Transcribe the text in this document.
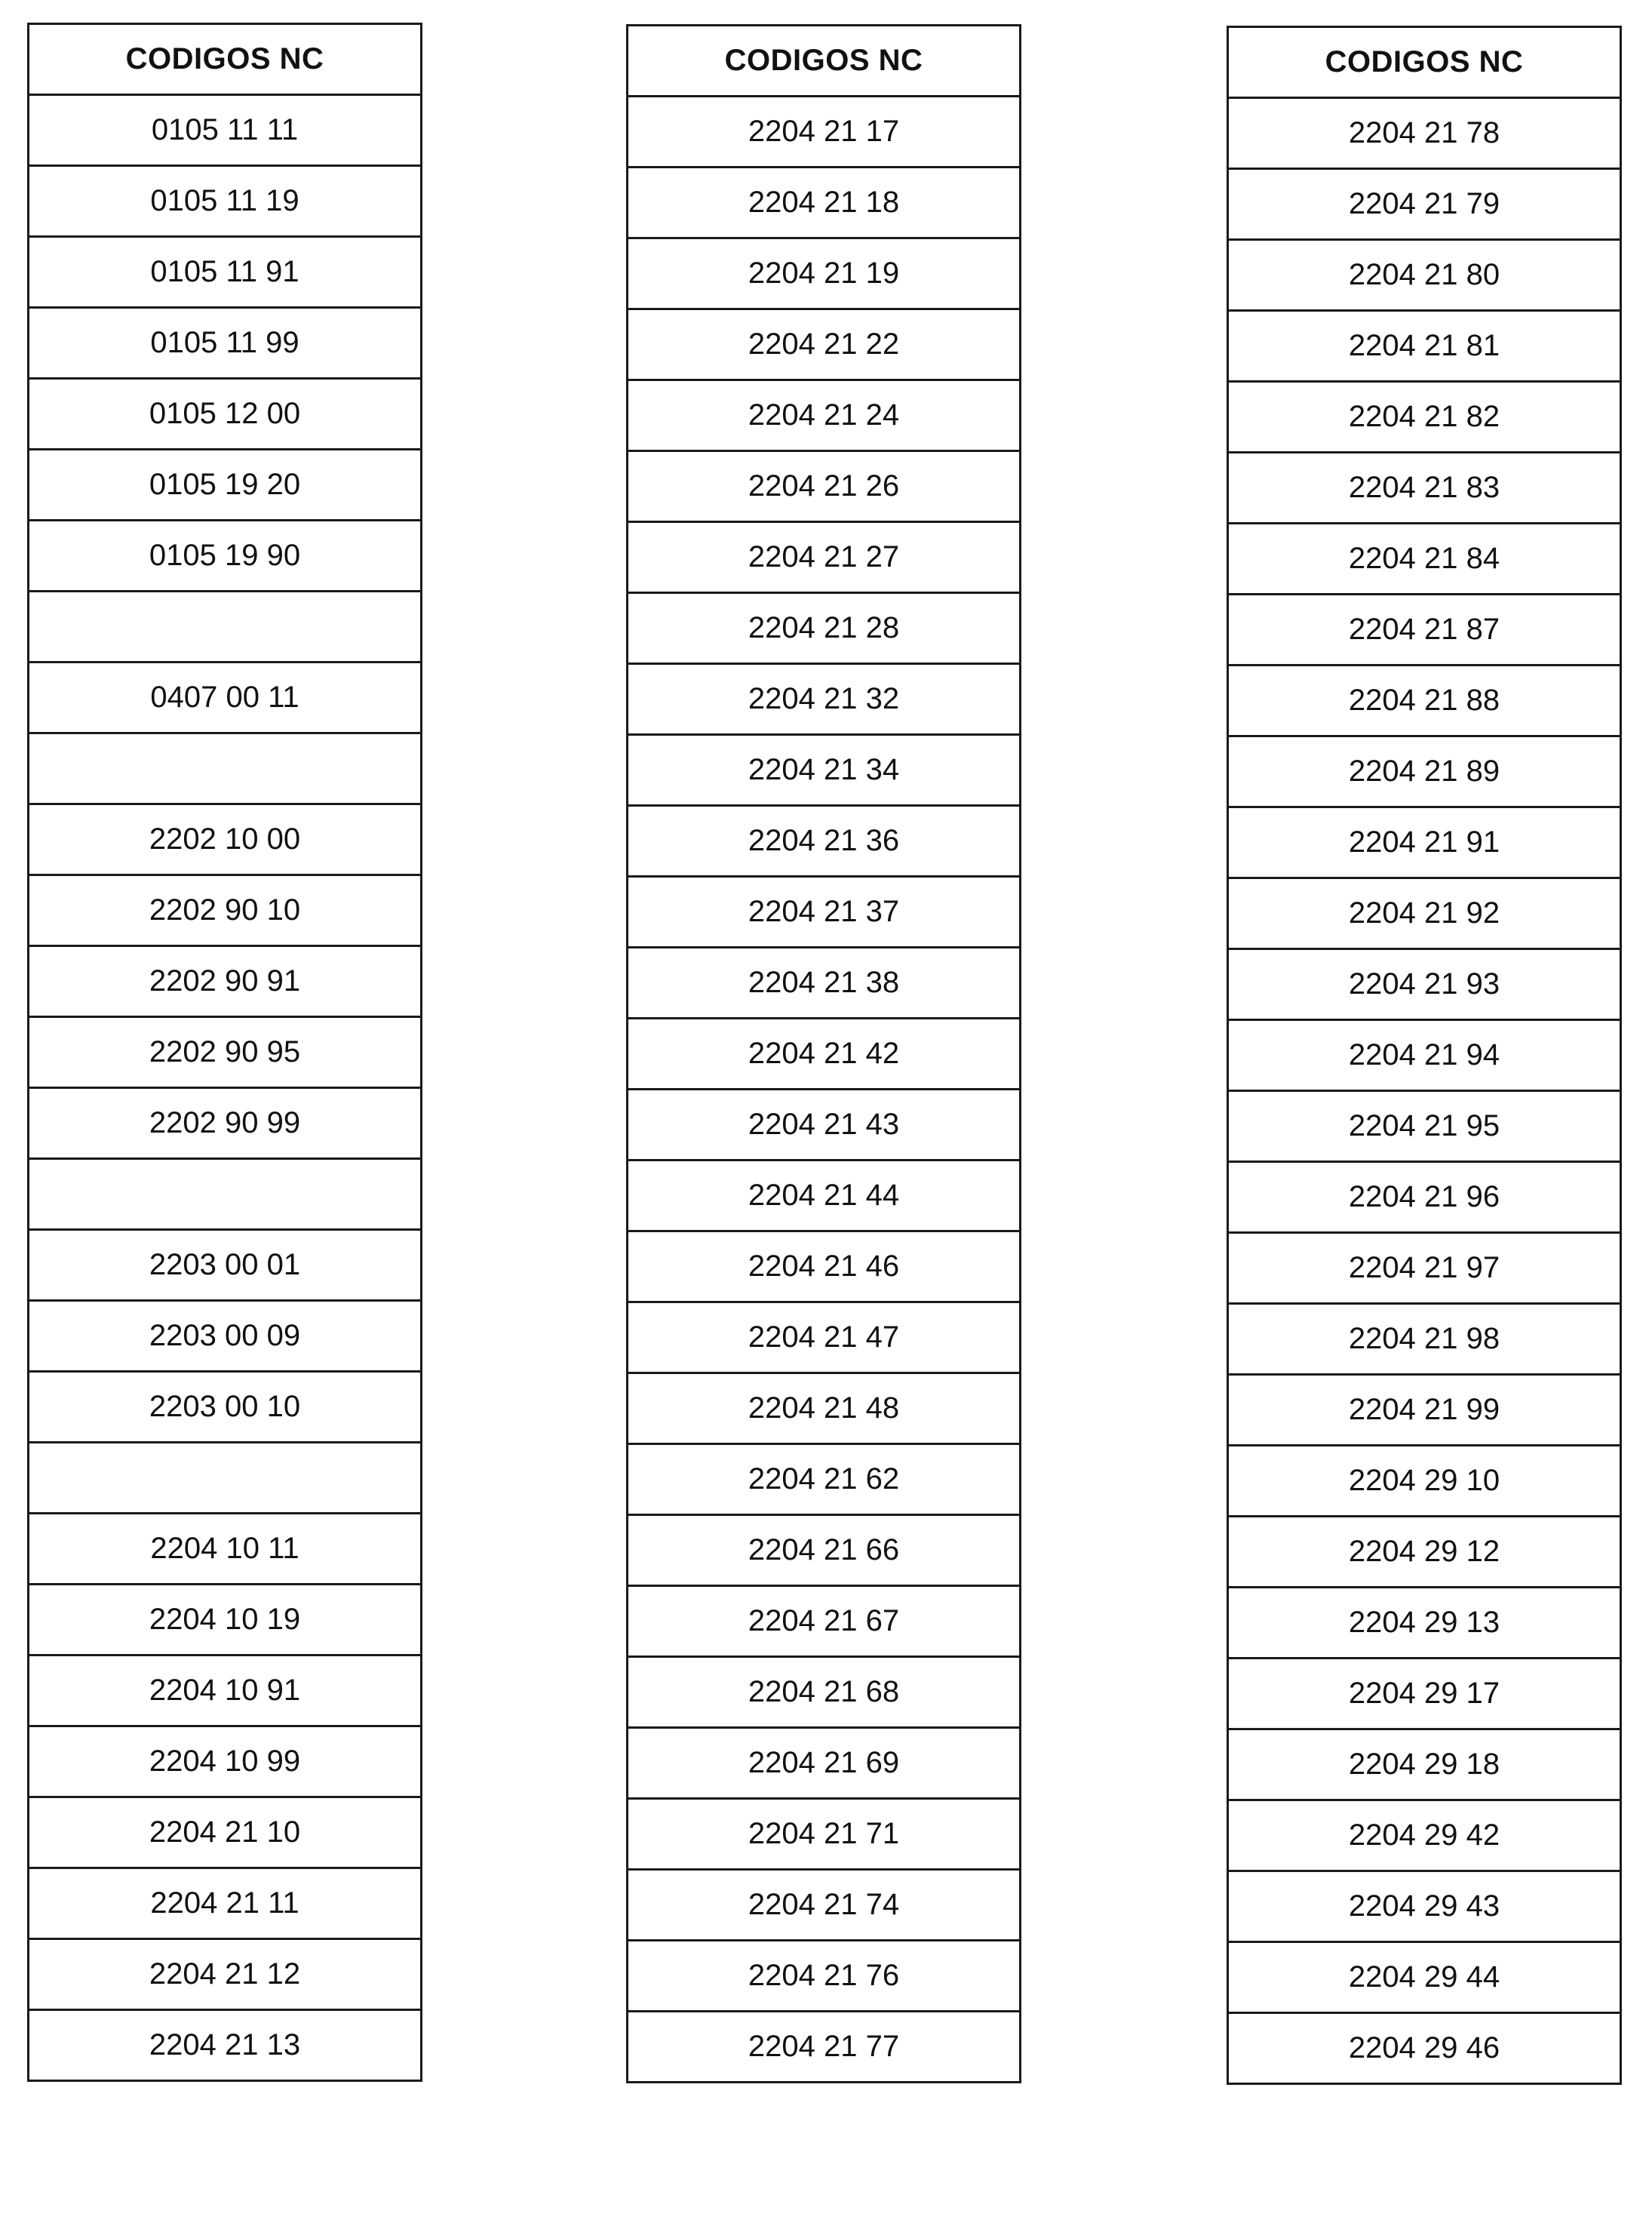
CODIGOS NC
0105 11 11
0105 11 19
0105 11 91
0105 11 99
0105 12 00
0105 19 20
0105 19 90

0407 00 11

2202 10 00
2202 90 10
2202 90 91
2202 90 95
2202 90 99

2203 00 01
2203 00 09
2203 00 10

2204 10 11
2204 10 19
2204 10 91
2204 10 99
2204 21 10
2204 21 11
2204 21 12
2204 21 13
CODIGOS NC
2204 21 17
2204 21 18
2204 21 19
2204 21 22
2204 21 24
2204 21 26
2204 21 27
2204 21 28
2204 21 32
2204 21 34
2204 21 36
2204 21 37
2204 21 38
2204 21 42
2204 21 43
2204 21 44
2204 21 46
2204 21 47
2204 21 48
2204 21 62
2204 21 66
2204 21 67
2204 21 68
2204 21 69
2204 21 71
2204 21 74
2204 21 76
2204 21 77
CODIGOS NC
2204 21 78
2204 21 79
2204 21 80
2204 21 81
2204 21 82
2204 21 83
2204 21 84
2204 21 87
2204 21 88
2204 21 89
2204 21 91
2204 21 92
2204 21 93
2204 21 94
2204 21 95
2204 21 96
2204 21 97
2204 21 98
2204 21 99
2204 29 10
2204 29 12
2204 29 13
2204 29 17
2204 29 18
2204 29 42
2204 29 43
2204 29 44
2204 29 46
